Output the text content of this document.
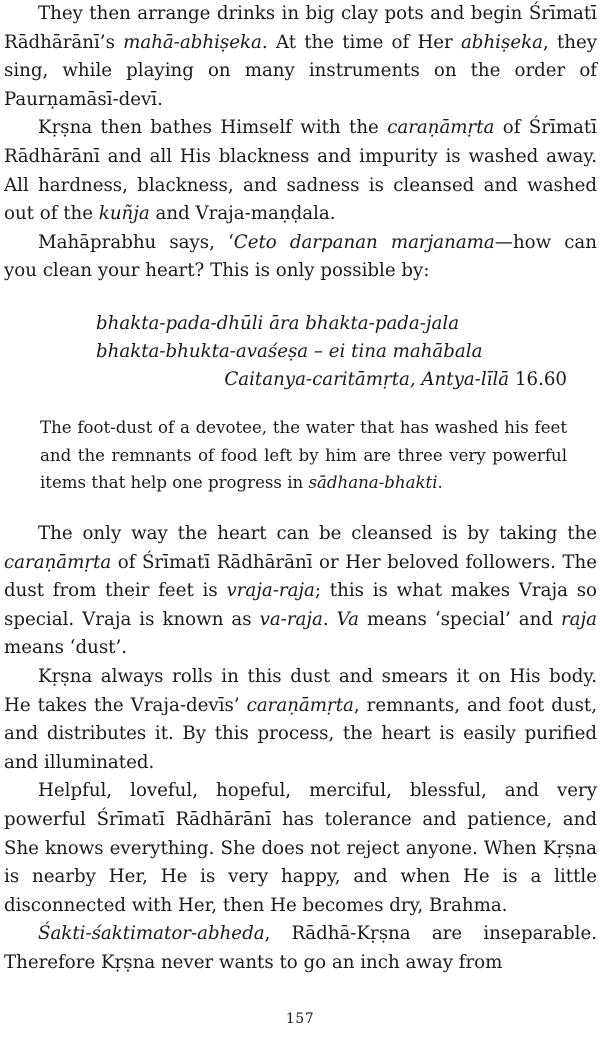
They then arrange drinks in big clay pots and begin Śrīmatī Rādhārānī’s mahā-abhiṣeka. At the time of Her abhiṣeka, they sing, while playing on many instruments on the order of Paurṇamāsī-devī.

Kṛṣna then bathes Himself with the caraṇāmṛta of Śrīmatī Rādhārānī and all His blackness and impurity is washed away. All hardness, blackness, and sadness is cleansed and washed out of the kuñja and Vraja-maṇḍala.

Mahāprabhu says, ‘Ceto darpanan marjanama—how can you clean your heart? This is only possible by:

bhakta-pada-dhūli āra bhakta-pada-jala
bhakta-bhukta-avaśeṣa – ei tina mahābala
Caitanya-caritāmṛta, Antya-līlā 16.60

The foot-dust of a devotee, the water that has washed his feet and the remnants of food left by him are three very powerful items that help one progress in sādhana-bhakti.

The only way the heart can be cleansed is by taking the caraṇāmṛta of Śrīmatī Rādhārānī or Her beloved followers. The dust from their feet is vraja-raja; this is what makes Vraja so special. Vraja is known as va-raja. Va means ‘special’ and raja means ‘dust’.

Kṛṣna always rolls in this dust and smears it on His body. He takes the Vraja-devīs’ caraṇāmṛta, remnants, and foot dust, and distributes it. By this process, the heart is easily purified and illuminated.

Helpful, loveful, hopeful, merciful, blessful, and very powerful Śrīmatī Rādhārānī has tolerance and patience, and She knows everything. She does not reject anyone. When Kṛṣna is nearby Her, He is very happy, and when He is a little disconnected with Her, then He becomes dry, Brahma.

Śakti-śaktimator-abheda, Rādhā-Kṛṣna are inseparable. Therefore Kṛṣna never wants to go an inch away from

157
